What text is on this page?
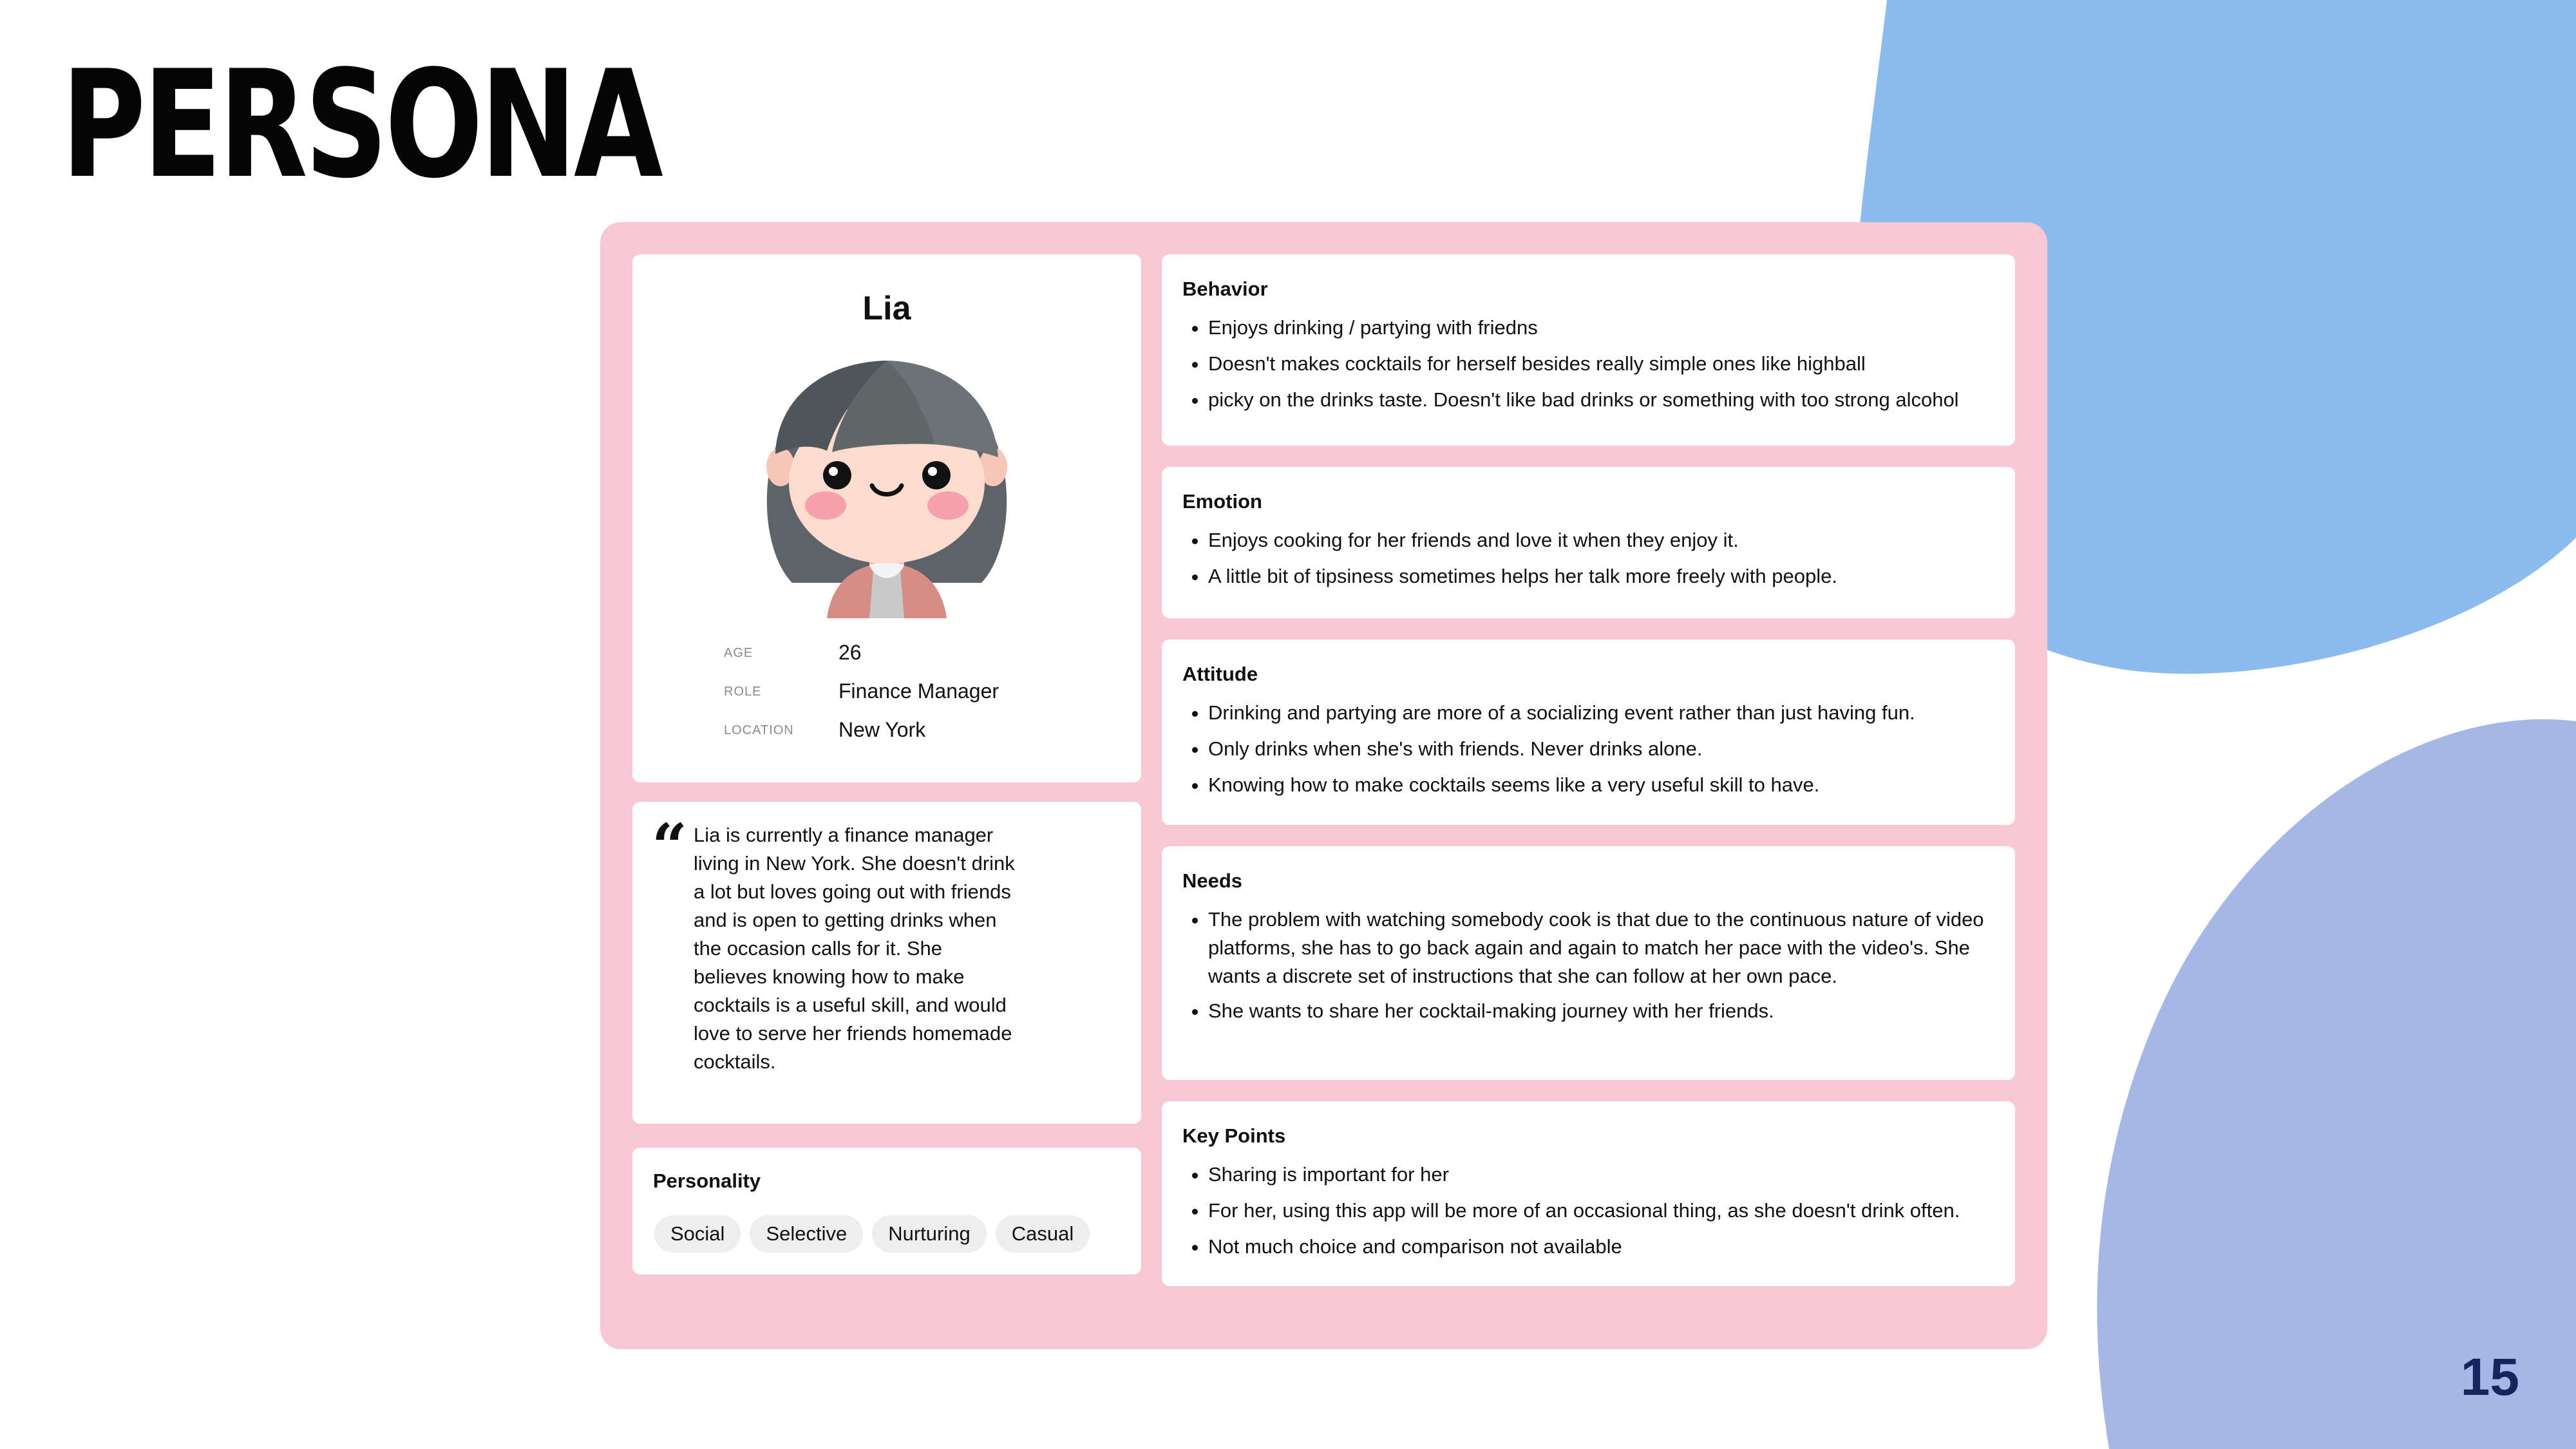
PERSONA
Lia
AGE	26
ROLE	Finance Manager
LOCATION New York
“ Lia is currently a finance manager living in New York. She doesn't drink a lot but loves going out with friends and is open to getting drinks when the occasion calls for it. She believes knowing how to make cocktails is a useful skill, and would love to serve her friends homemade cocktails.
Personality
Social	Selective	Nurturing	Casual
Behavior
• Enjoys drinking / partying with friedns
• Doesn't makes cocktails for herself besides really simple ones like highball
• picky on the drinks taste. Doesn't like bad drinks or something with too strong alcohol
Emotion
• Enjoys cooking for her friends and love it when they enjoy it.
• A little bit of tipsiness sometimes helps her talk more freely with people.
Attitude
• Drinking and partying are more of a socializing event rather than just having fun.
• Only drinks when she's with friends. Never drinks alone.
• Knowing how to make cocktails seems like a very useful skill to have.
Needs
• The problem with watching somebody cook is that due to the continuous nature of video platforms, she has to go back again and again to match her pace with the video's. She wants a discrete set of instructions that she can follow at her own pace.
• She wants to share her cocktail-making journey with her friends.
Key Points
• Sharing is important for her
• For her, using this app will be more of an occasional thing, as she doesn't drink often.
• Not much choice and comparison not available
15
